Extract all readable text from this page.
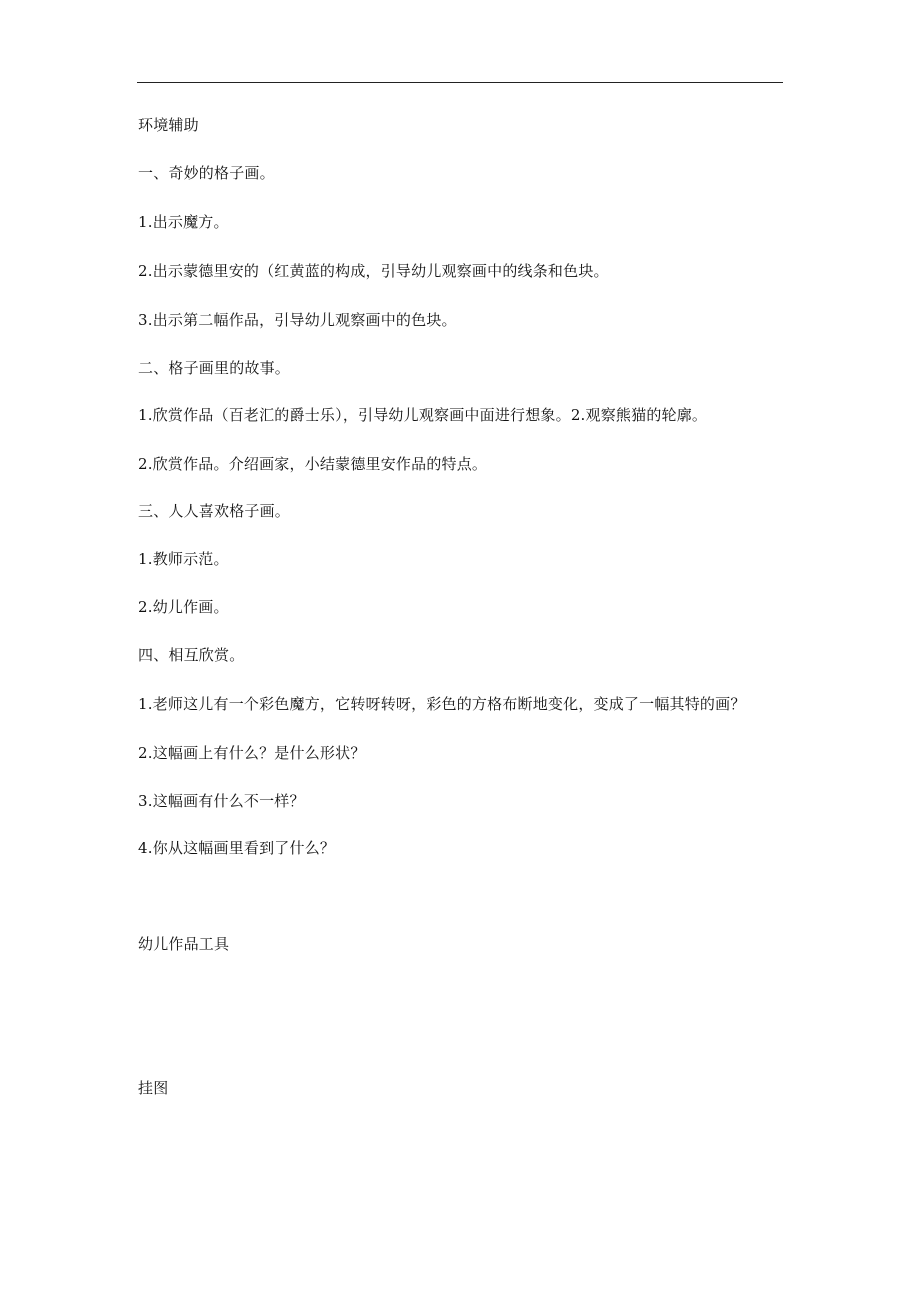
环境辅助
一、奇妙的格子画。
1.出示魔方。
2.出示蒙德里安的（红黄蓝的构成，引导幼儿观察画中的线条和色块。
3.出示第二幅作品，引导幼儿观察画中的色块。
二、格子画里的故事。
1.欣赏作品（百老汇的爵士乐），引导幼儿观察画中面进行想象。2.观察熊猫的轮廓。
2.欣赏作品。介绍画家，小结蒙德里安作品的特点。
三、人人喜欢格子画。
1.教师示范。
2.幼儿作画。
四、相互欣赏。
1.老师这儿有一个彩色魔方，它转呀转呀，彩色的方格布断地变化，变成了一幅其特的画？
2.这幅画上有什么？是什么形状？
3.这幅画有什么不一样？
4.你从这幅画里看到了什么？
幼儿作品工具
挂图
